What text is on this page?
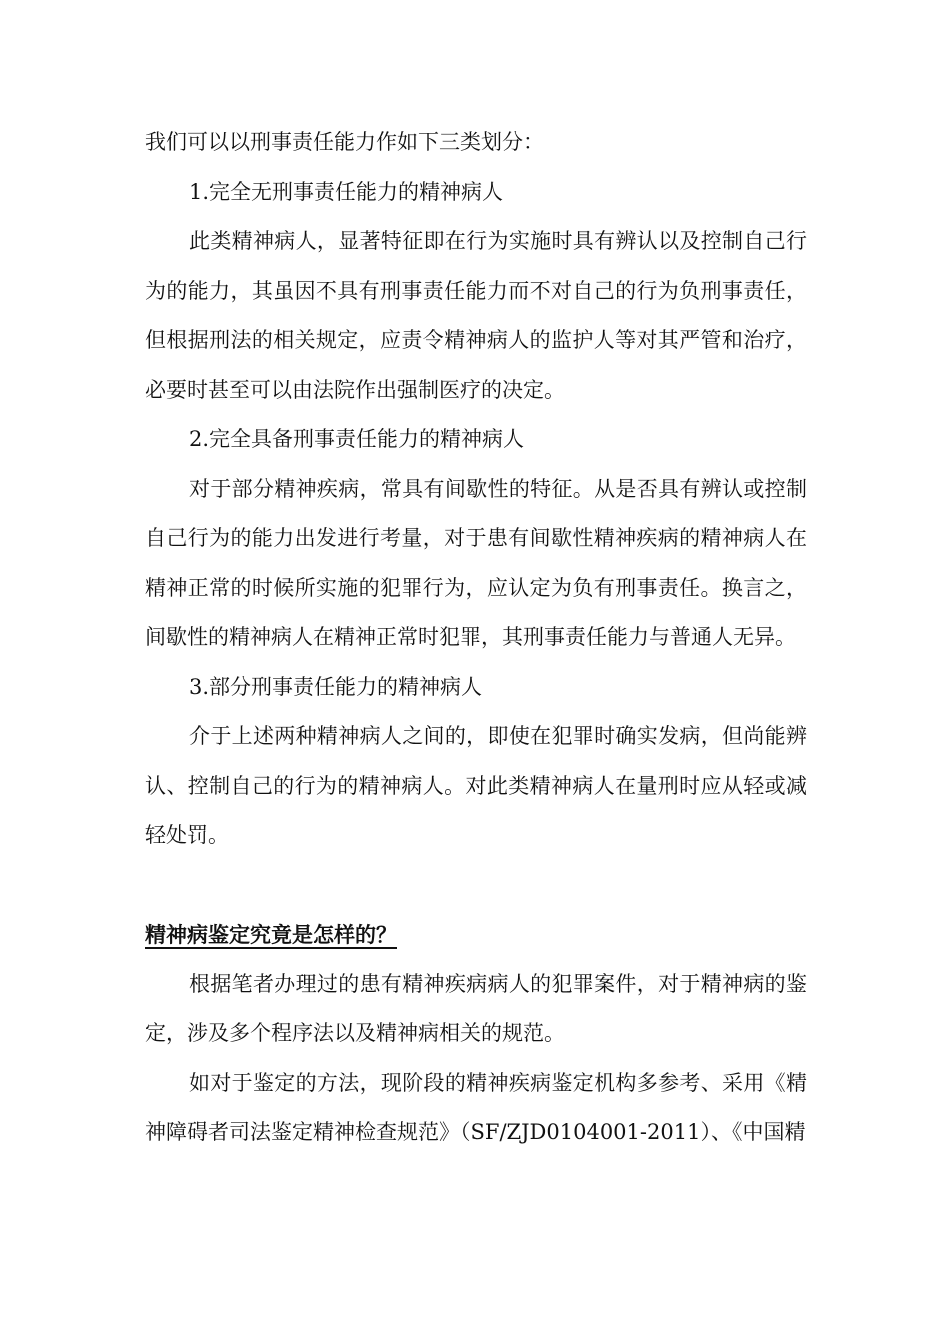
我们可以以刑事责任能力作如下三类划分：

1.完全无刑事责任能力的精神病人

此类精神病人，显著特征即在行为实施时具有辨认以及控制自己行为的能力，其虽因不具有刑事责任能力而不对自己的行为负刑事责任，但根据刑法的相关规定，应责令精神病人的监护人等对其严管和治疗，必要时甚至可以由法院作出强制医疗的决定。

2.完全具备刑事责任能力的精神病人

对于部分精神疾病，常具有间歇性的特征。从是否具有辨认或控制自己行为的能力出发进行考量，对于患有间歇性精神疾病的精神病人在精神正常的时候所实施的犯罪行为，应认定为负有刑事责任。换言之，间歇性的精神病人在精神正常时犯罪，其刑事责任能力与普通人无异。

3.部分刑事责任能力的精神病人

介于上述两种精神病人之间的，即使在犯罪时确实发病，但尚能辨认、控制自己的行为的精神病人。对此类精神病人在量刑时应从轻或减轻处罚。

精神病鉴定究竟是怎样的？

根据笔者办理过的患有精神疾病病人的犯罪案件，对于精神病的鉴定，涉及多个程序法以及精神病相关的规范。

如对于鉴定的方法，现阶段的精神疾病鉴定机构多参考、采用《精神障碍者司法鉴定精神检查规范》（SF/ZJD0104001-2011）、《中国精
